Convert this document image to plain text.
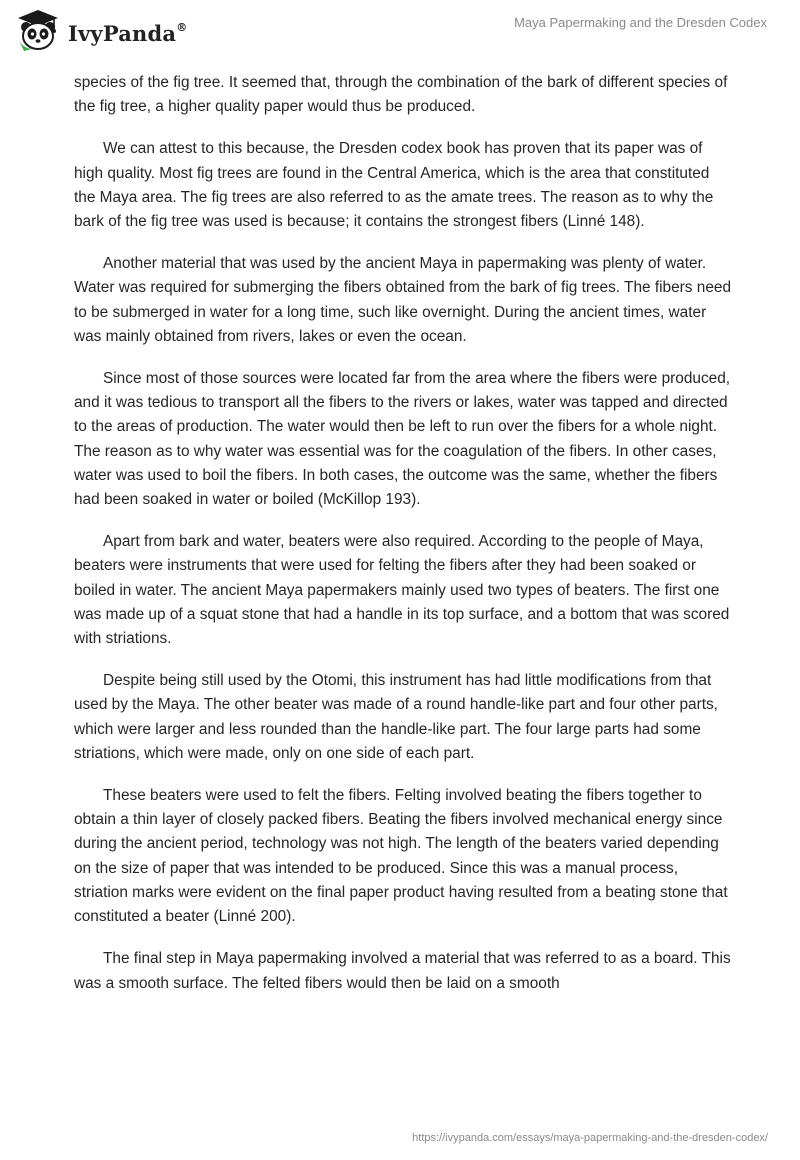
IvyPanda®	Maya Papermaking and the Dresden Codex

species of the fig tree. It seemed that, through the combination of the bark of different species of the fig tree, a higher quality paper would thus be produced.

We can attest to this because, the Dresden codex book has proven that its paper was of high quality. Most fig trees are found in the Central America, which is the area that constituted the Maya area. The fig trees are also referred to as the amate trees. The reason as to why the bark of the fig tree was used is because; it contains the strongest fibers (Linné 148).

Another material that was used by the ancient Maya in papermaking was plenty of water. Water was required for submerging the fibers obtained from the bark of fig trees. The fibers need to be submerged in water for a long time, such like overnight. During the ancient times, water was mainly obtained from rivers, lakes or even the ocean.

Since most of those sources were located far from the area where the fibers were produced, and it was tedious to transport all the fibers to the rivers or lakes, water was tapped and directed to the areas of production. The water would then be left to run over the fibers for a whole night. The reason as to why water was essential was for the coagulation of the fibers. In other cases, water was used to boil the fibers. In both cases, the outcome was the same, whether the fibers had been soaked in water or boiled (McKillop 193).

Apart from bark and water, beaters were also required. According to the people of Maya, beaters were instruments that were used for felting the fibers after they had been soaked or boiled in water. The ancient Maya papermakers mainly used two types of beaters. The first one was made up of a squat stone that had a handle in its top surface, and a bottom that was scored with striations.

Despite being still used by the Otomi, this instrument has had little modifications from that used by the Maya. The other beater was made of a round handle-like part and four other parts, which were larger and less rounded than the handle-like part. The four large parts had some striations, which were made, only on one side of each part.

These beaters were used to felt the fibers. Felting involved beating the fibers together to obtain a thin layer of closely packed fibers. Beating the fibers involved mechanical energy since during the ancient period, technology was not high. The length of the beaters varied depending on the size of paper that was intended to be produced. Since this was a manual process, striation marks were evident on the final paper product having resulted from a beating stone that constituted a beater (Linné 200).

The final step in Maya papermaking involved a material that was referred to as a board. This was a smooth surface. The felted fibers would then be laid on a smooth

https://ivypanda.com/essays/maya-papermaking-and-the-dresden-codex/
